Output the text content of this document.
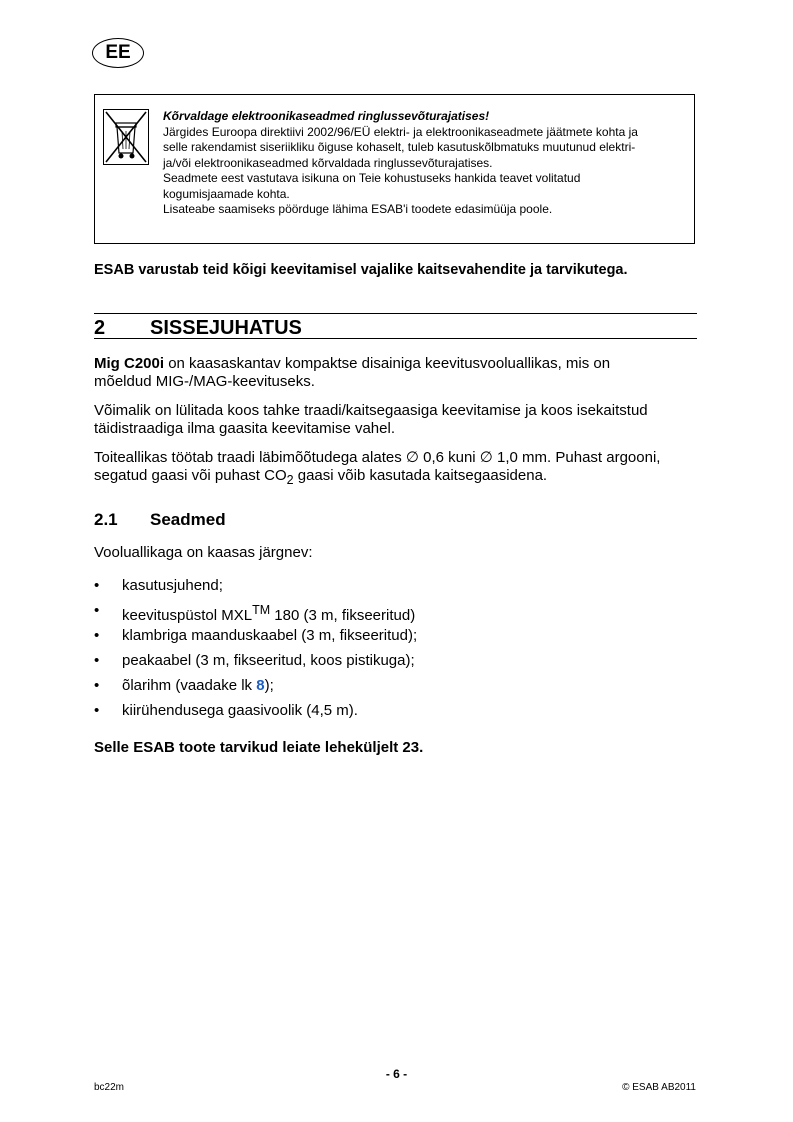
EE

Kõrvaldage elektroonikaseadmed ringlussevõturajatises!

Järgides Euroopa direktiivi 2002/96/EÜ elektri- ja elektroonikaseadmete jäätmete kohta ja

selle rakendamist siseriikliku õiguse kohaselt, tuleb kasutuskõlbmatuks muutunud elektri-

ja/või elektroonikaseadmed kõrvaldada ringlussevõturajatises.

Seadmete eest vastutava isikuna on Teie kohustuseks hankida teavet volitatud

kogumisjaamade kohta.

Lisateabe saamiseks pöörduge lähima ESAB'i toodete edasimüüja poole.

ESAB varustab teid kõigi keevitamisel vajalike kaitsevahendite ja tarvikutega.
2 SISSEJUHATUS

Mig C200i on kaasaskantav kompaktse disainiga keevitusvooluallikas, mis on
mõeldud MIG-/MAG-keevituseks.

Võimalik on lülitada koos tahke traadi/kaitsegaasiga keevitamise ja koos isekaitstud
täidistraadiga ilma gaasita keevitamise vahel.

Toiteallikas töötab traadi läbimõõtudega alates ∅ 0,6 kuni ∅ 1,0 mm. Puhast argooni,
segatud gaasi või puhast $CO_2$ gaasi võib kasutada kaitsegaasidena.

2.1 Seadmed
Vooluallikaga on kaasas järgnev:
• kasutusjuhend;
• keevituspüstol MXL™ 180 (3 m, fikseeritud)
• klambriga maanduskaabel (3 m, fikseeritud);
• peakaabel (3 m, fikseeritud, koos pistikuga);
• õlarihm (vaadake lk 8);
• kiirühendusega gaasivoolik (4,5 m).
Selle ESAB toote tarvikud leiate leheküljelt 23.
- 6 -
bc22m	© ESAB AB2011
